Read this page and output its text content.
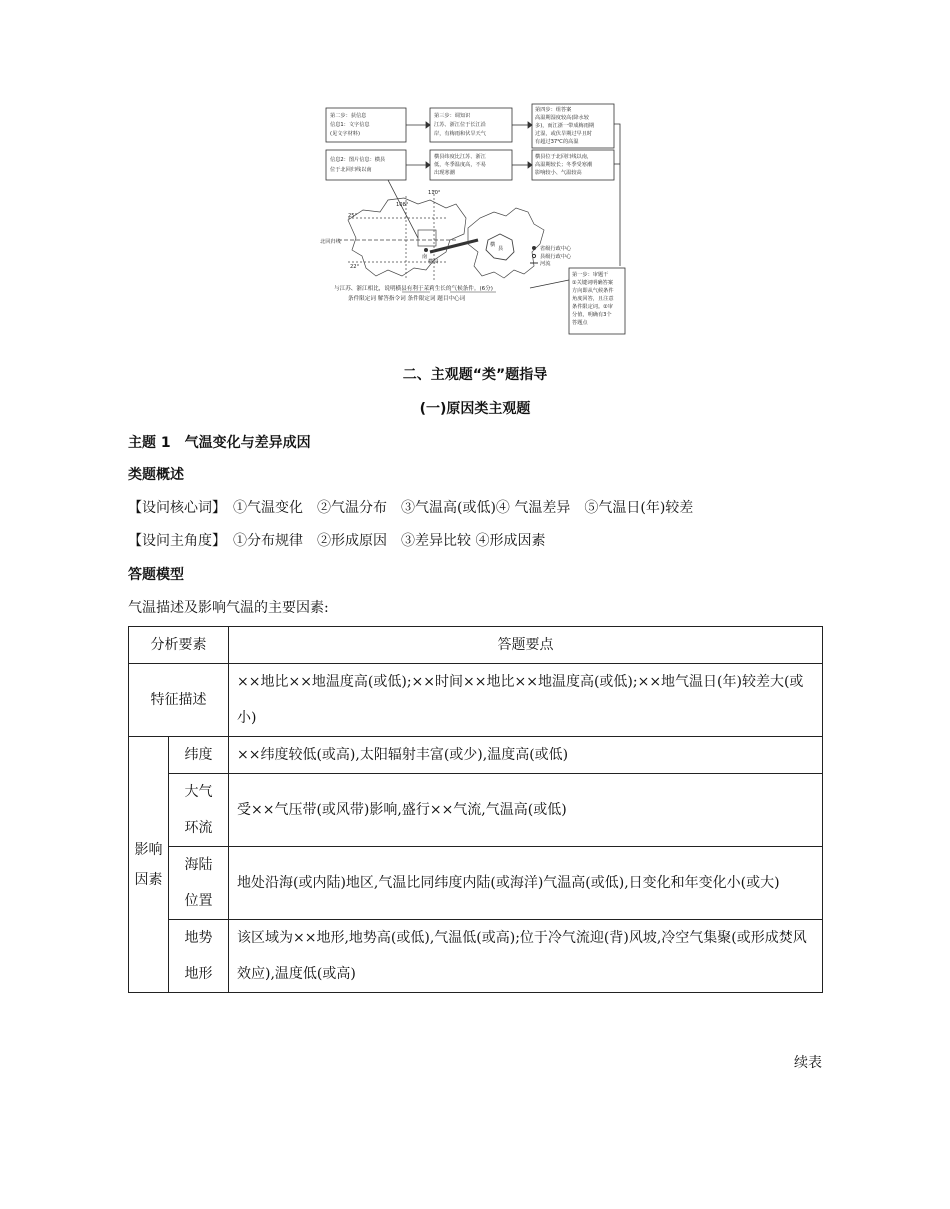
第二步：获信息
信息1：文字信息
(见文字材料)
第三步：调知识
江苏、浙江位于长江沿
岸，有梅雨和伏旱天气
第四步：组答案
高温期湿度较高(降水较
多)，而江浙一带成梅雨期
过湿，或伏旱期过早且时
有超过37℃的高温
信息2：图片信息：横县
位于北回归线以南
横县纬度比江苏、浙江
低，冬季温度高，不易
出现寒潮
横县位于北回归线以南，
高温期较长；冬季受寒潮
影响较小、气温较高
第一步：审题干
①关键词明确答案
方向即从气候条件
角度回答，且注意
条件限定词。②审
分值，明确有3个
答题点
25°
22°
北回归线
108°
110°
横
县
南
横县
省级行政中心
县级行政中心
河流
与江苏、浙江相比，说明横县有利于茉莉生长的气候条件。(6分)
条件限定词 解答指令词 条件限定词 题目中心词
二、主观题“类”题指导
(一)原因类主观题
主题 1　气温变化与差异成因
类题概述
【设问核心词】　①气温变化　②气温分布　③气温高(或低)④ 气温差异　⑤气温日(年)较差
【设问主角度】　①分布规律　②形成原因　③差异比较 ④形成因素
答题模型
气温描述及影响气温的主要因素:
分析要素		答题要点
特征描述		××地比××地温度高(或低);××时间××地比××地温度高(或低);××地气温日(年)较差大(或小)
影响因素	纬度	××纬度较低(或高),太阳辐射丰富(或少),温度高(或低)
	大气环流	受××气压带(或风带)影响,盛行××气流,气温高(或低)
	海陆位置	地处沿海(或内陆)地区,气温比同纬度内陆(或海洋)气温高(或低),日变化和年变化小(或大)
	地势地形	该区域为××地形,地势高(或低),气温低(或高);位于冷气流迎(背)风坡,冷空气集聚(或形成焚风效应),温度低(或高)
续表
